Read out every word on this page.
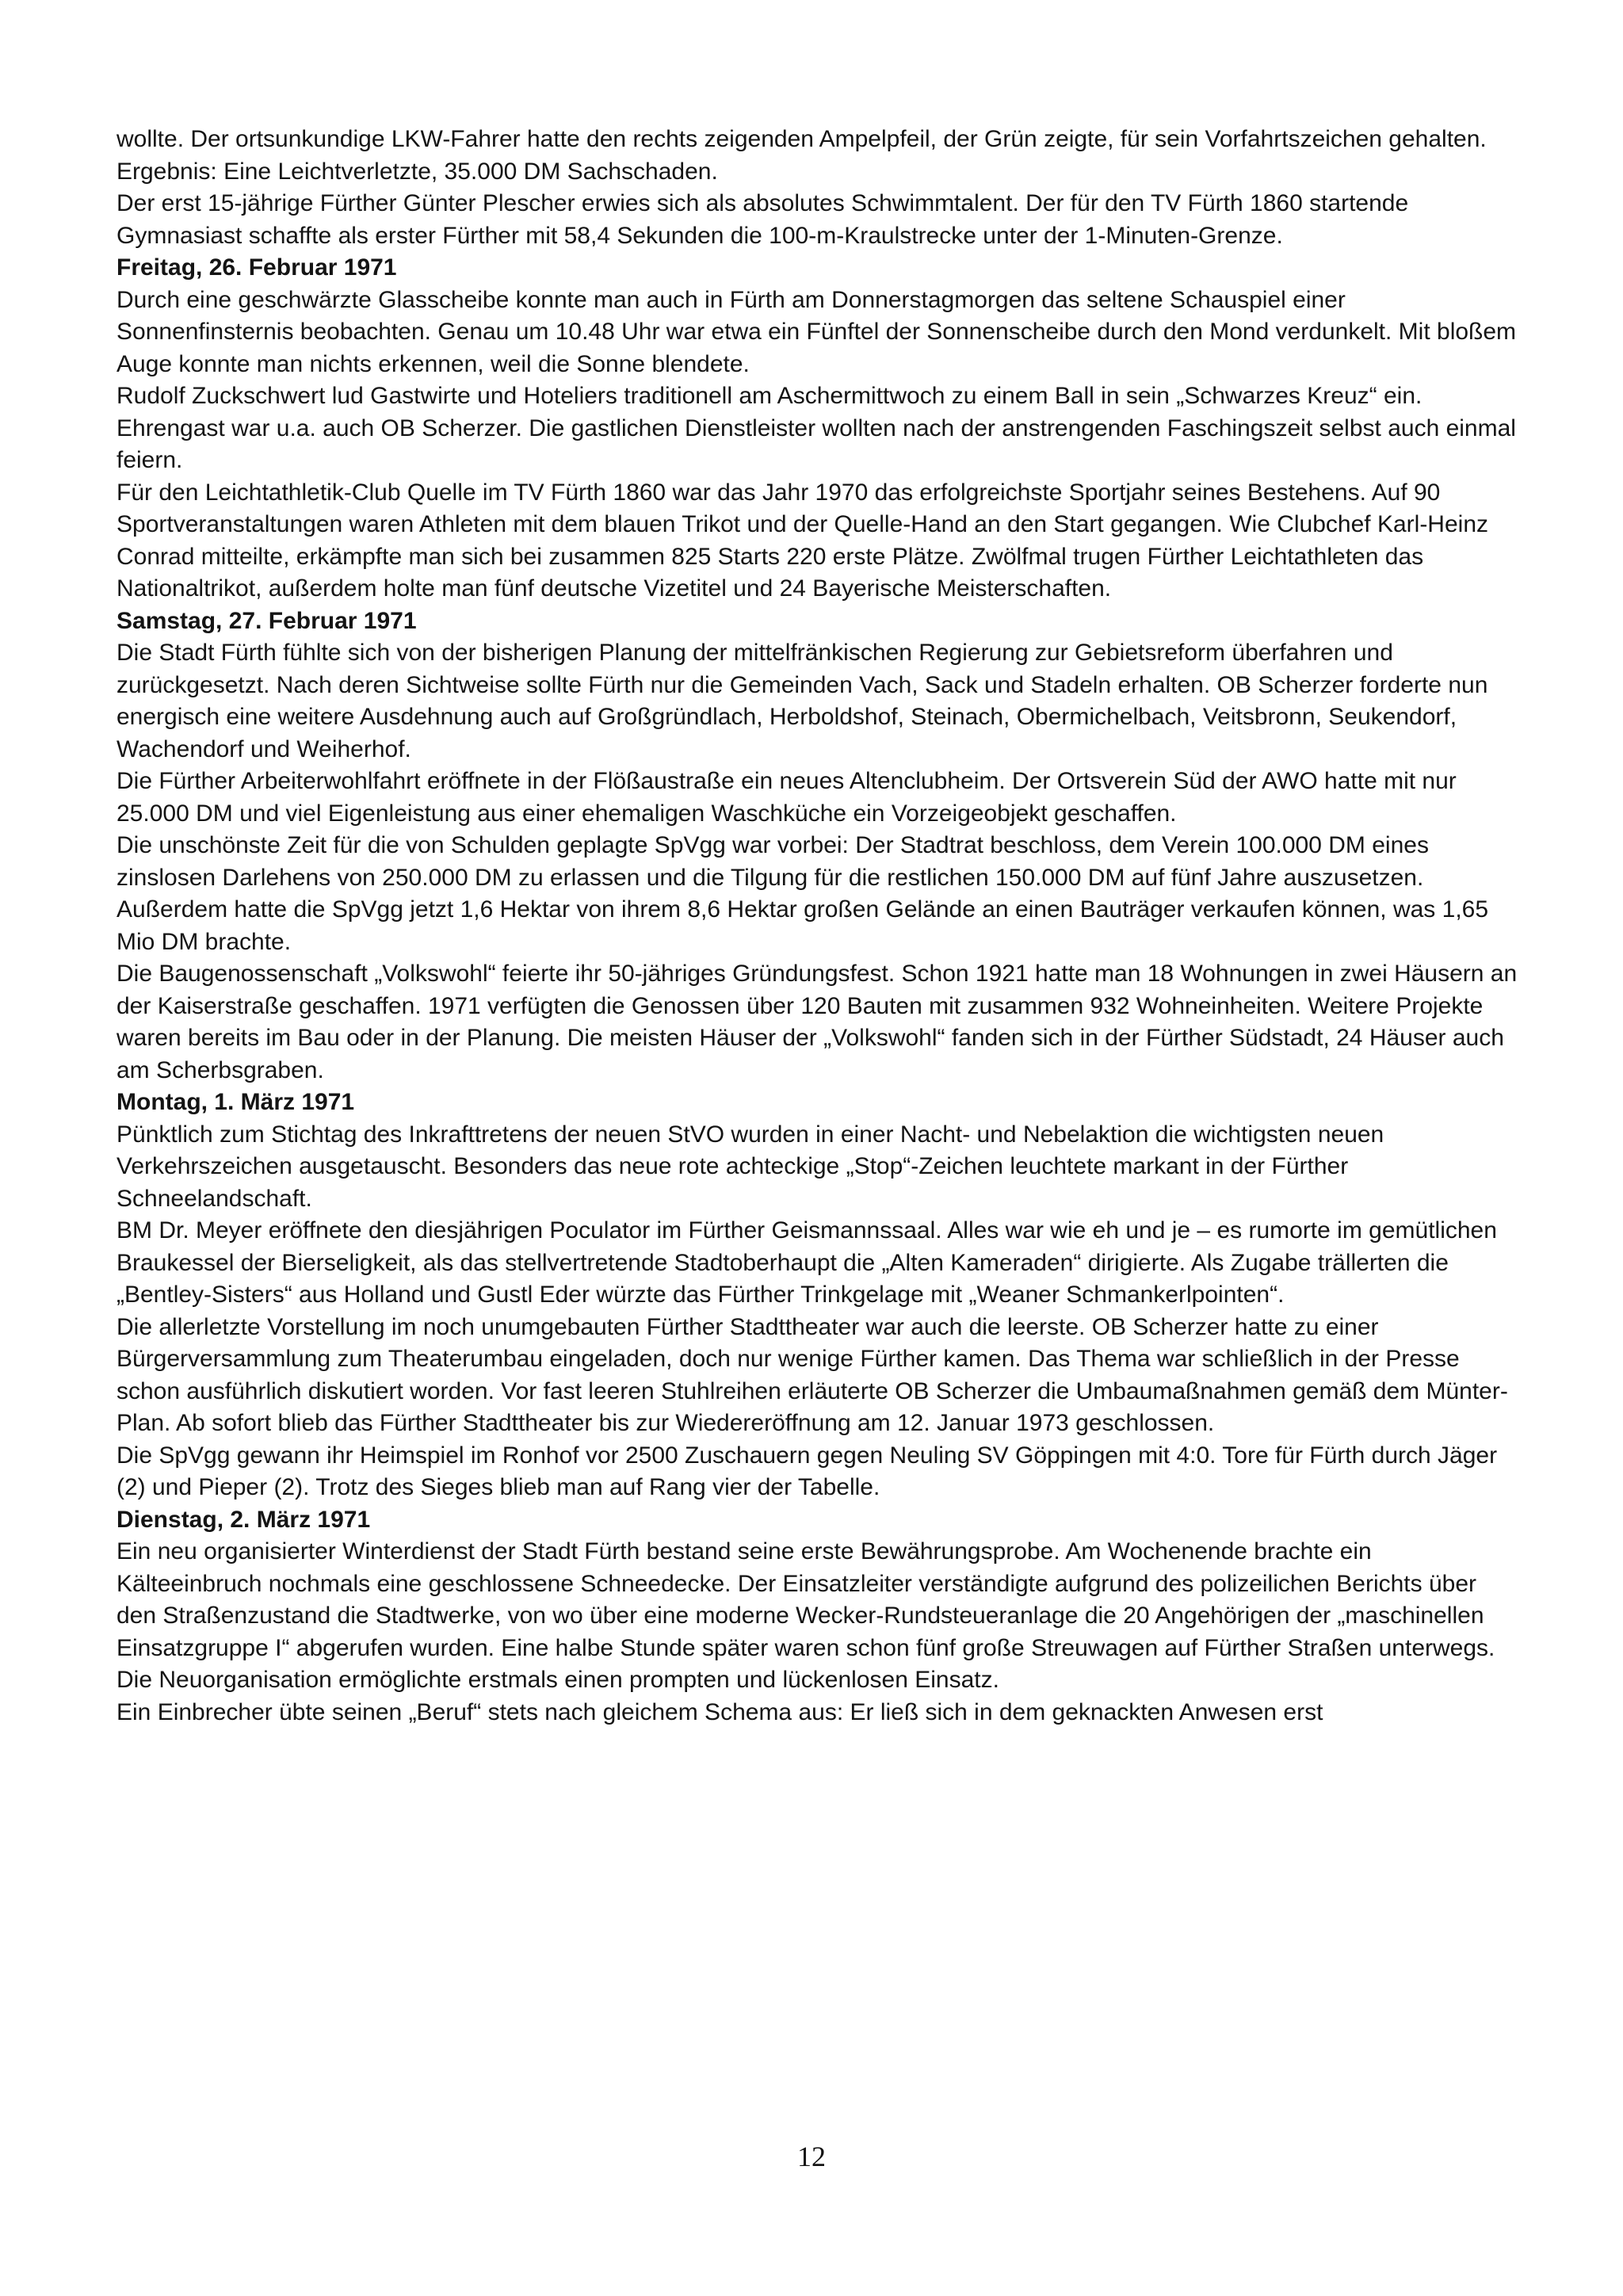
wollte. Der ortsunkundige LKW-Fahrer hatte den rechts zeigenden Ampelpfeil, der Grün zeigte, für sein Vorfahrtszeichen gehalten. Ergebnis: Eine Leichtverletzte, 35.000 DM Sachschaden.

Der erst 15-jährige Fürther Günter Plescher erwies sich als absolutes Schwimmtalent. Der für den TV Fürth 1860 startende Gymnasiast schaffte als erster Fürther mit 58,4 Sekunden die 100-m-Kraulstrecke unter der 1-Minuten-Grenze.

Freitag, 26. Februar 1971

Durch eine geschwärzte Glasscheibe konnte man auch in Fürth am Donnerstagmorgen das seltene Schauspiel einer Sonnenfinsternis beobachten. Genau um 10.48 Uhr war etwa ein Fünftel der Sonnenscheibe durch den Mond verdunkelt. Mit bloßem Auge konnte man nichts erkennen, weil die Sonne blendete.

Rudolf Zuckschwert lud Gastwirte und Hoteliers traditionell am Aschermittwoch zu einem Ball in sein „Schwarzes Kreuz“ ein. Ehrengast war u.a. auch OB Scherzer. Die gastlichen Dienstleister wollten nach der anstrengenden Faschingszeit selbst auch einmal feiern.

Für den Leichtathletik-Club Quelle im TV Fürth 1860 war das Jahr 1970 das erfolgreichste Sportjahr seines Bestehens. Auf 90 Sportveranstaltungen waren Athleten mit dem blauen Trikot und der Quelle-Hand an den Start gegangen. Wie Clubchef Karl-Heinz Conrad mitteilte, erkämpfte man sich bei zusammen 825 Starts 220 erste Plätze. Zwölfmal trugen Fürther Leichtathleten das Nationaltrikot, außerdem holte man fünf deutsche Vizetitel und 24 Bayerische Meisterschaften.

Samstag, 27. Februar 1971

Die Stadt Fürth fühlte sich von der bisherigen Planung der mittelfränkischen Regierung zur Gebietsreform überfahren und zurückgesetzt. Nach deren Sichtweise sollte Fürth nur die Gemeinden Vach, Sack und Stadeln erhalten. OB Scherzer forderte nun energisch eine weitere Ausdehnung auch auf Großgründlach, Herboldshof, Steinach, Obermichelbach, Veitsbronn, Seukendorf, Wachendorf und Weiherhof.

Die Fürther Arbeiterwohlfahrt eröffnete in der Flößaustraße ein neues Altenclubheim. Der Ortsverein Süd der AWO hatte mit nur 25.000 DM und viel Eigenleistung aus einer ehemaligen Waschküche ein Vorzeigeobjekt geschaffen.

Die unschönste Zeit für die von Schulden geplagte SpVgg war vorbei: Der Stadtrat beschloss, dem Verein 100.000 DM eines zinslosen Darlehens von 250.000 DM zu erlassen und die Tilgung für die restlichen 150.000 DM auf fünf Jahre auszusetzen. Außerdem hatte die SpVgg jetzt 1,6 Hektar von ihrem 8,6 Hektar großen Gelände an einen Bauträger verkaufen können, was 1,65 Mio DM brachte.

Die Baugenossenschaft „Volkswohl“ feierte ihr 50-jähriges Gründungsfest. Schon 1921 hatte man 18 Wohnungen in zwei Häusern an der Kaiserstraße geschaffen. 1971 verfügten die Genossen über 120 Bauten mit zusammen 932 Wohneinheiten. Weitere Projekte waren bereits im Bau oder in der Planung. Die meisten Häuser der „Volkswohl“ fanden sich in der Fürther Südstadt, 24 Häuser auch am Scherbsgraben.

Montag, 1. März 1971

Pünktlich zum Stichtag des Inkrafttretens der neuen StVO wurden in einer Nacht- und Nebelaktion die wichtigsten neuen Verkehrszeichen ausgetauscht. Besonders das neue rote achteckige „Stop“-Zeichen leuchtete markant in der Fürther Schneelandschaft.

BM Dr. Meyer eröffnete den diesjährigen Poculator im Fürther Geismannssaal. Alles war wie eh und je – es rumorte im gemütlichen Braukessel der Bierseligkeit, als das stellvertretende Stadtoberhaupt die „Alten Kameraden“ dirigierte. Als Zugabe trällerten die „Bentley-Sisters“ aus Holland und Gustl Eder würzte das Fürther Trinkgelage mit „Weaner Schmankerlpointen“.

Die allerletzte Vorstellung im noch unumgebauten Fürther Stadttheater war auch die leerste. OB Scherzer hatte zu einer Bürgerversammlung zum Theaterumbau eingeladen, doch nur wenige Fürther kamen. Das Thema war schließlich in der Presse schon ausführlich diskutiert worden. Vor fast leeren Stuhlreihen erläuterte OB Scherzer die Umbaumaßnahmen gemäß dem Münter-Plan. Ab sofort blieb das Fürther Stadttheater bis zur Wiedereröffnung am 12. Januar 1973 geschlossen.

Die SpVgg gewann ihr Heimspiel im Ronhof vor 2500 Zuschauern gegen Neuling SV Göppingen mit 4:0. Tore für Fürth durch Jäger (2) und Pieper (2). Trotz des Sieges blieb man auf Rang vier der Tabelle.

Dienstag, 2. März 1971

Ein neu organisierter Winterdienst der Stadt Fürth bestand seine erste Bewährungsprobe. Am Wochenende brachte ein Kälteeinbruch nochmals eine geschlossene Schneedecke. Der Einsatzleiter verständigte aufgrund des polizeilichen Berichts über den Straßenzustand die Stadtwerke, von wo über eine moderne Wecker-Rundsteueranlage die 20 Angehörigen der „maschinellen Einsatzgruppe I“ abgerufen wurden. Eine halbe Stunde später waren schon fünf große Streuwagen auf Fürther Straßen unterwegs. Die Neuorganisation ermöglichte erstmals einen prompten und lückenlosen Einsatz.

Ein Einbrecher übte seinen „Beruf“ stets nach gleichem Schema aus: Er ließ sich in dem geknackten Anwesen erst

12
